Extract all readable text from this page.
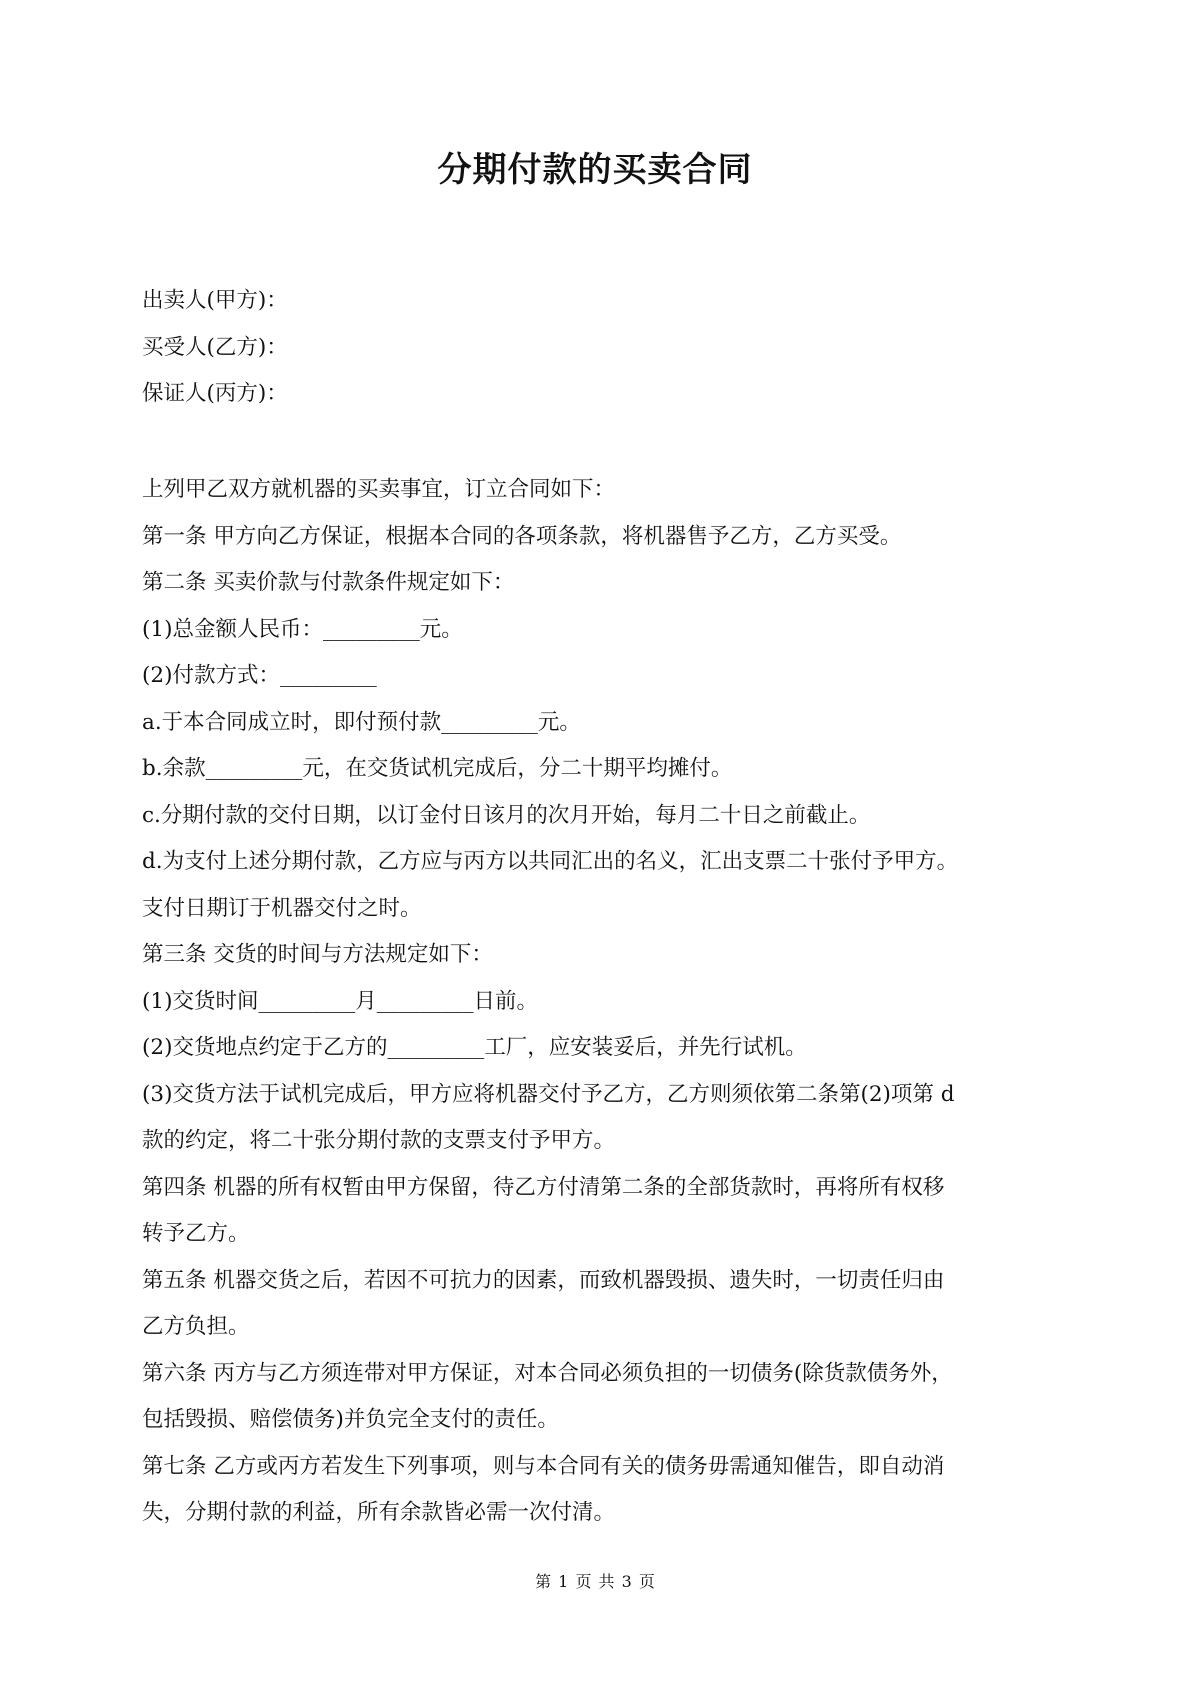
分期付款的买卖合同
出卖人(甲方)：
买受人(乙方)：
保证人(丙方)：
上列甲乙双方就机器的买卖事宜，订立合同如下：
第一条 甲方向乙方保证，根据本合同的各项条款，将机器售予乙方，乙方买受。
第二条 买卖价款与付款条件规定如下：
(1)总金额人民币：_________元。
(2)付款方式：_________
a.于本合同成立时，即付预付款_________元。
b.余款_________元，在交货试机完成后，分二十期平均摊付。
c.分期付款的交付日期，以订金付日该月的次月开始，每月二十日之前截止。
d.为支付上述分期付款，乙方应与丙方以共同汇出的名义，汇出支票二十张付予甲方。
支付日期订于机器交付之时。
第三条 交货的时间与方法规定如下：
(1)交货时间_________月_________日前。
(2)交货地点约定于乙方的_________工厂，应安装妥后，并先行试机。
(3)交货方法于试机完成后，甲方应将机器交付予乙方，乙方则须依第二条第(2)项第 d
款的约定，将二十张分期付款的支票支付予甲方。
第四条 机器的所有权暂由甲方保留，待乙方付清第二条的全部货款时，再将所有权移
转予乙方。
第五条 机器交货之后，若因不可抗力的因素，而致机器毁损、遗失时，一切责任归由
乙方负担。
第六条 丙方与乙方须连带对甲方保证，对本合同必须负担的一切债务(除货款债务外，
包括毁损、赔偿债务)并负完全支付的责任。
第七条 乙方或丙方若发生下列事项，则与本合同有关的债务毋需通知催告，即自动消
失，分期付款的利益，所有余款皆必需一次付清。
第 1 页 共 3 页
